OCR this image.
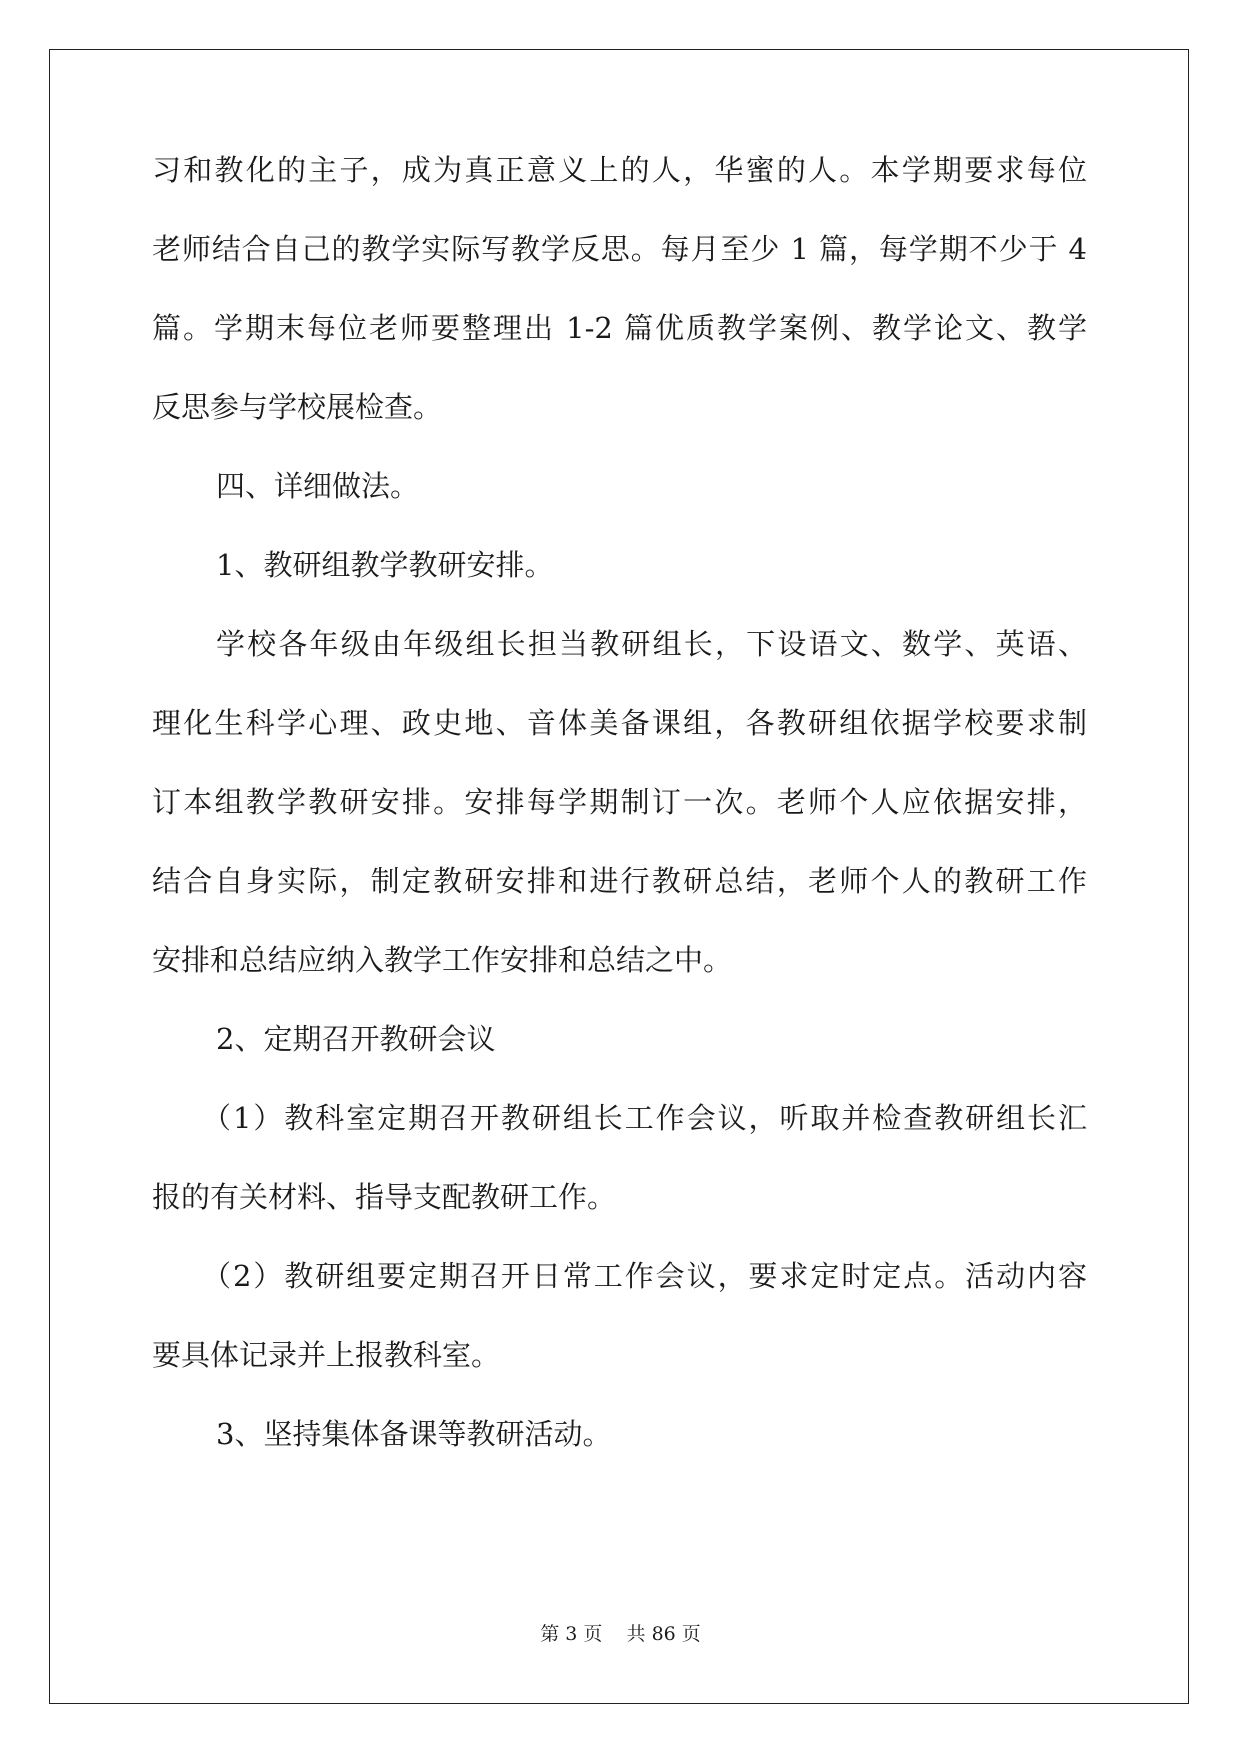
习和教化的主子，成为真正意义上的人，华蜜的人。本学期要求每位
老师结合自己的教学实际写教学反思。每月至少 1 篇，每学期不少于 4
篇。学期末每位老师要整理出 1-2 篇优质教学案例、教学论文、教学
反思参与学校展检查。
四、详细做法。
1、教研组教学教研安排。
学校各年级由年级组长担当教研组长，下设语文、数学、英语、
理化生科学心理、政史地、音体美备课组，各教研组依据学校要求制
订本组教学教研安排。安排每学期制订一次。老师个人应依据安排，
结合自身实际，制定教研安排和进行教研总结，老师个人的教研工作
安排和总结应纳入教学工作安排和总结之中。
2、定期召开教研会议
（1）教科室定期召开教研组长工作会议，听取并检查教研组长汇
报的有关材料、指导支配教研工作。
（2）教研组要定期召开日常工作会议，要求定时定点。活动内容
要具体记录并上报教科室。
3、坚持集体备课等教研活动。
第 3 页 共 86 页
